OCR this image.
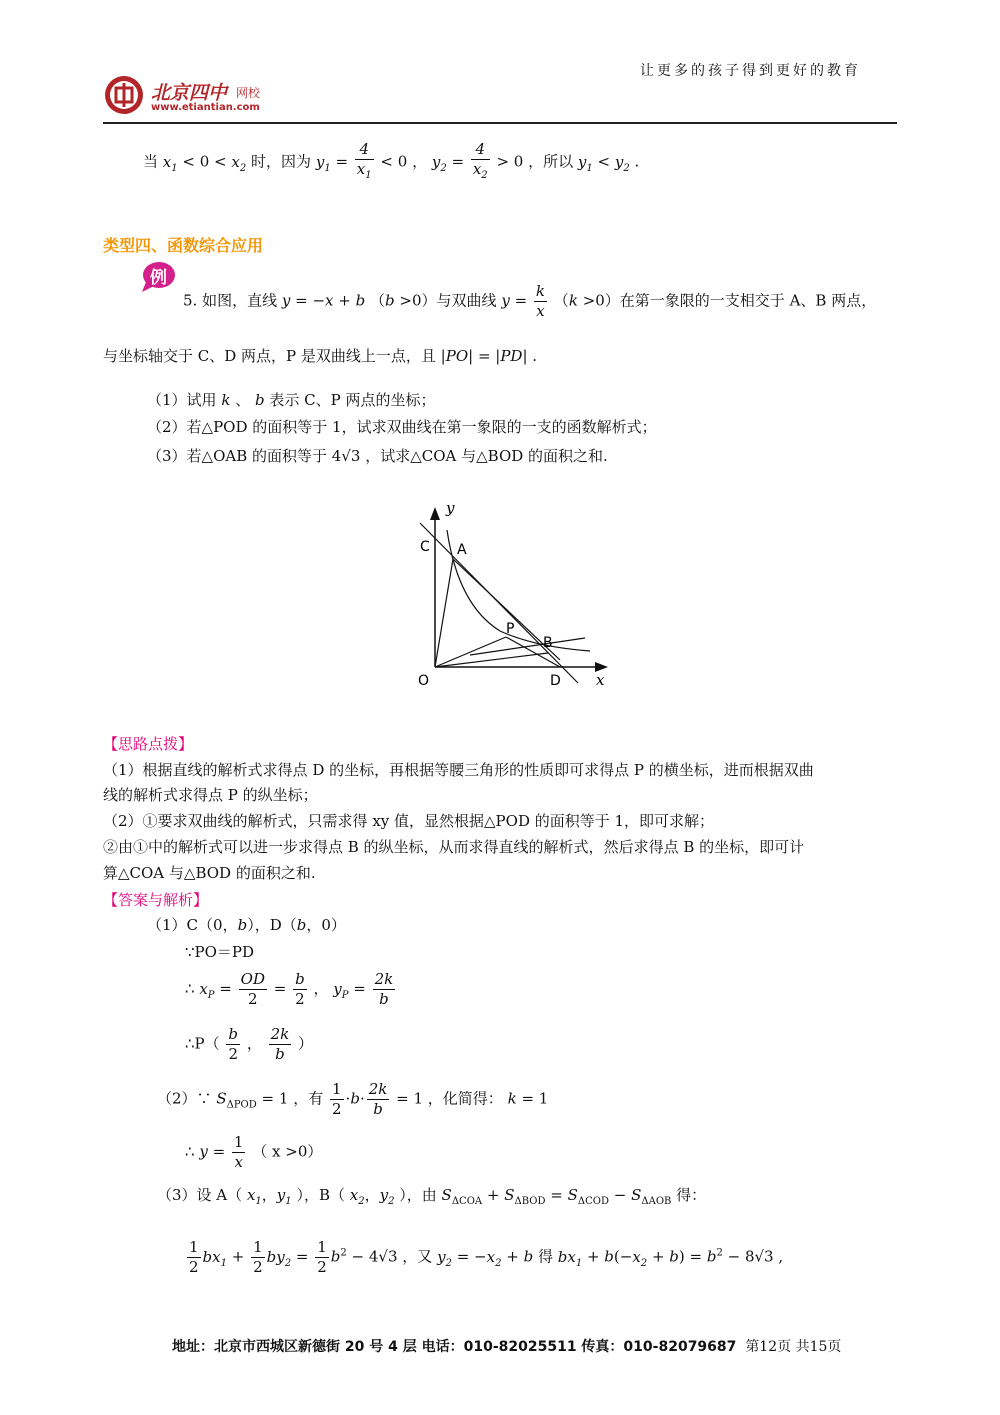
让更多的孩子得到更好的教育
北京四中 网校
www.etiantian.com
当 $x_1 < 0 < x_2$ 时，因为 $y_1 = \frac{4}{x_1} < 0$ ， $y_2 = \frac{4}{x_2} > 0$ ，所以 $y_1 < y_2$ .
类型四、函数综合应用
例
5. 如图，直线 y = −x + b （b >0）与双曲线 $y = \frac{k}{x} (k >0)$在第一象限的一支相交于 A、B 两点，
与坐标轴交于 C、D 两点，P 是双曲线上一点，且 |PO| = |PD| .
（1）试用 k 、 b 表示 C、P 两点的坐标；
（2）若△POD 的面积等于 1，试求双曲线在第一象限的一支的函数解析式；
（3）若△OAB 的面积等于 4√3 ，试求△COA 与△BOD 的面积之和.
y
C A
P
B
O	D x
【思路点拨】
（1）根据直线的解析式求得点 D 的坐标，再根据等腰三角形的性质即可求得点 P 的横坐标，进而根据双曲
线的解析式求得点 P 的纵坐标；
（2）①要求双曲线的解析式，只需求得 xy 值，显然根据△POD 的面积等于 1，即可求解；
②由①中的解析式可以进一步求得点 B 的纵坐标，从而求得直线的解析式，然后求得点 B 的坐标，即可计
算△COA 与△BOD 的面积之和.
【答案与解析】
（1）C（0，b），D（b，0）
∵PO＝PD
∴ $x_P = \frac{OD}{2} = \frac{b}{2}$ ， $y_P = \frac{2k}{b}$
∴P（ $\frac{b}{2}$ ， $\frac{2k}{b}$ ）
（2）∵ $S_{\Delta POD} = 1$ ，有 $\frac{1}{2} \cdot b\cdot \frac{2k}{b} = 1$ ，化简得： k = 1
∴ $y = \frac{1}{x}$ （ x >0）
（3）设 A（ $x_1$，$y_1$ ），B（ $x_2$，$y_2$ ），由 $S_{\Delta COA} + S_{\Delta BOD} = S_{\Delta COD} - S_{\Delta AOB}$ 得：
$\frac{1}{2} bx_1 + \frac{1}{2} by_2 = \frac{1}{2} b^2 - 4√3$ ，又 $y_2 = -x_2 + b$ 得 $bx_1 + b(-x_2 + b) = b^2 - 8√3$ ,
地址：北京市西城区新德街 20 号 4 层 电话：010-82025511 传真：010-82079687 第12页 共15页
